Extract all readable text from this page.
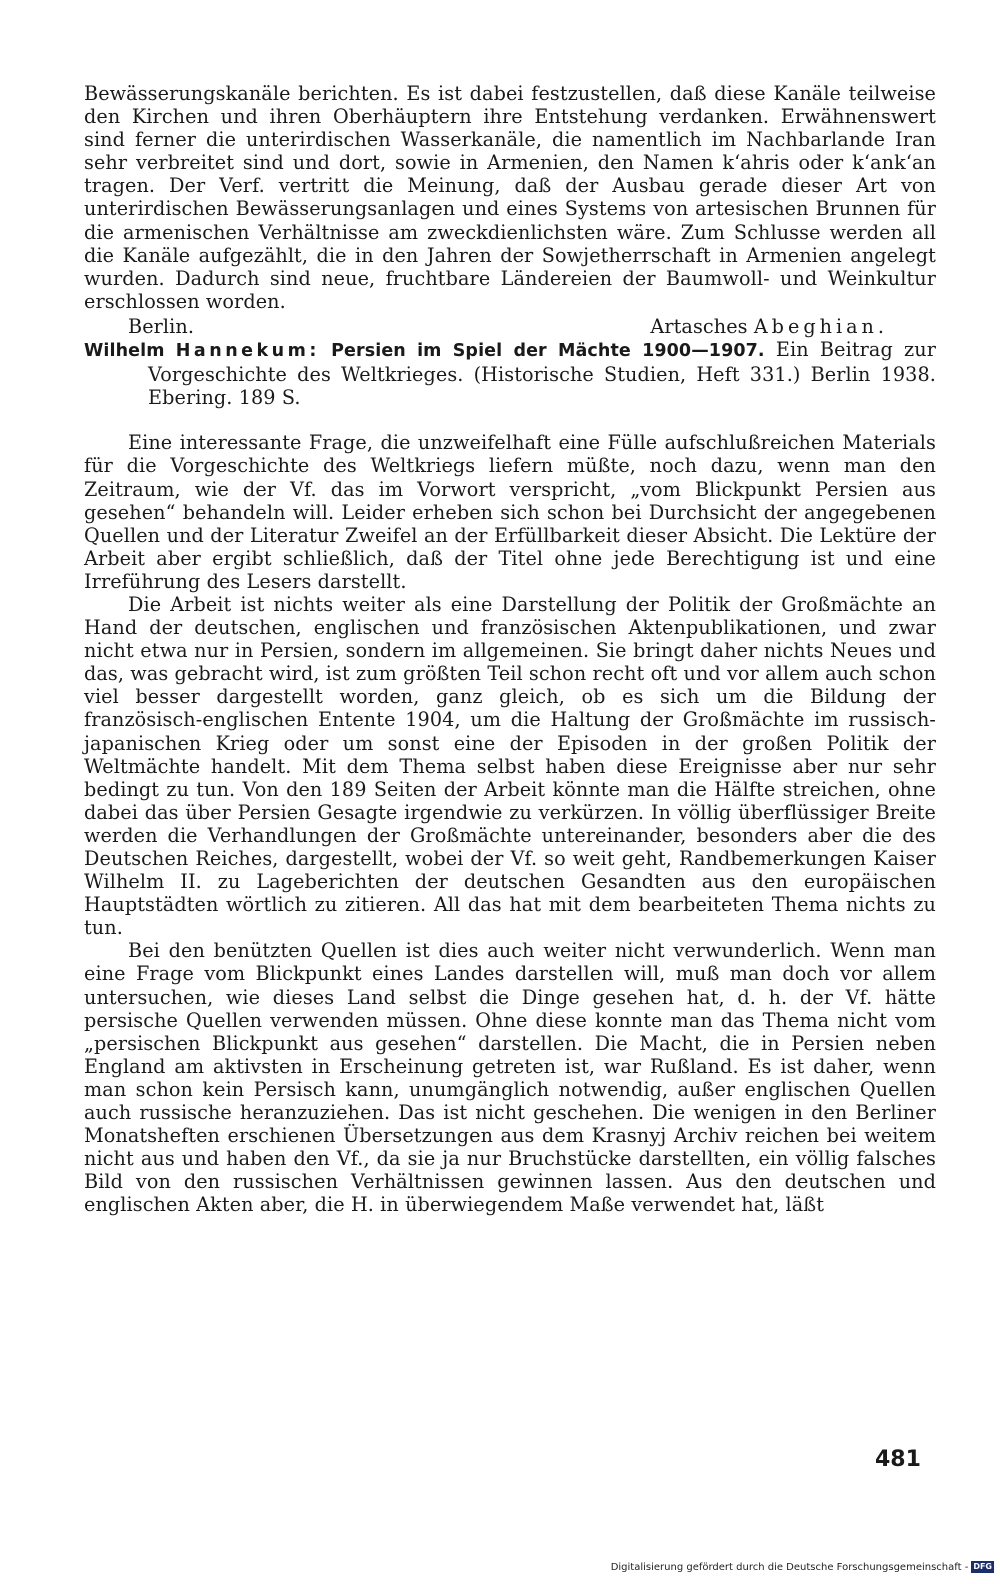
Bewässerungskanäle berichten. Es ist dabei festzustellen, daß diese Kanäle teilweise den Kirchen und ihren Oberhäuptern ihre Entstehung verdanken. Erwähnenswert sind ferner die unterirdischen Wasserkanäle, die namentlich im Nachbarlande Iran sehr verbreitet sind und dort, sowie in Armenien, den Namen k‘ahris oder k‘ank‘an tragen. Der Verf. vertritt die Meinung, daß der Ausbau gerade dieser Art von unterirdischen Bewässerungsanlagen und eines Systems von artesischen Brunnen für die armenischen Verhältnisse am zweckdienlichsten wäre. Zum Schlusse werden all die Kanäle aufgezählt, die in den Jahren der Sowjetherrschaft in Armenien angelegt wurden. Dadurch sind neue, fruchtbare Ländereien der Baumwoll- und Weinkultur erschlossen worden.

Berlin.	Artasches Abeghian.

Wilhelm Hannekum: Persien im Spiel der Mächte 1900—1907. Ein Beitrag zur Vorgeschichte des Weltkrieges. (Historische Studien, Heft 331.) Berlin 1938. Ebering. 189 S.

Eine interessante Frage, die unzweifelhaft eine Fülle aufschlußreichen Materials für die Vorgeschichte des Weltkriegs liefern müßte, noch dazu, wenn man den Zeitraum, wie der Vf. das im Vorwort verspricht, „vom Blickpunkt Persien aus gesehen“ behandeln will. Leider erheben sich schon bei Durchsicht der angegebenen Quellen und der Literatur Zweifel an der Erfüllbarkeit dieser Absicht. Die Lektüre der Arbeit aber ergibt schließlich, daß der Titel ohne jede Berechtigung ist und eine Irreführung des Lesers darstellt.

Die Arbeit ist nichts weiter als eine Darstellung der Politik der Großmächte an Hand der deutschen, englischen und französischen Aktenpublikationen, und zwar nicht etwa nur in Persien, sondern im allgemeinen. Sie bringt daher nichts Neues und das, was gebracht wird, ist zum größten Teil schon recht oft und vor allem auch schon viel besser dargestellt worden, ganz gleich, ob es sich um die Bildung der französisch-englischen Entente 1904, um die Haltung der Großmächte im russisch-japanischen Krieg oder um sonst eine der Episoden in der großen Politik der Weltmächte handelt. Mit dem Thema selbst haben diese Ereignisse aber nur sehr bedingt zu tun. Von den 189 Seiten der Arbeit könnte man die Hälfte streichen, ohne dabei das über Persien Gesagte irgendwie zu verkürzen. In völlig überflüssiger Breite werden die Verhandlungen der Großmächte untereinander, besonders aber die des Deutschen Reiches, dargestellt, wobei der Vf. so weit geht, Randbemerkungen Kaiser Wilhelm II. zu Lageberichten der deutschen Gesandten aus den europäischen Hauptstädten wörtlich zu zitieren. All das hat mit dem bearbeiteten Thema nichts zu tun.

Bei den benützten Quellen ist dies auch weiter nicht verwunderlich. Wenn man eine Frage vom Blickpunkt eines Landes darstellen will, muß man doch vor allem untersuchen, wie dieses Land selbst die Dinge gesehen hat, d. h. der Vf. hätte persische Quellen verwenden müssen. Ohne diese konnte man das Thema nicht vom „persischen Blickpunkt aus gesehen“ darstellen. Die Macht, die in Persien neben England am aktivsten in Erscheinung getreten ist, war Rußland. Es ist daher, wenn man schon kein Persisch kann, unumgänglich notwendig, außer englischen Quellen auch russische heranzuziehen. Das ist nicht geschehen. Die wenigen in den Berliner Monatsheften erschienen Übersetzungen aus dem Krasnyj Archiv reichen bei weitem nicht aus und haben den Vf., da sie ja nur Bruchstücke darstellten, ein völlig falsches Bild von den russischen Verhältnissen gewinnen lassen. Aus den deutschen und englischen Akten aber, die H. in überwiegendem Maße verwendet hat, läßt

481
Digitalisierung gefördert durch die Deutsche Forschungsgemeinschaft - DFG
